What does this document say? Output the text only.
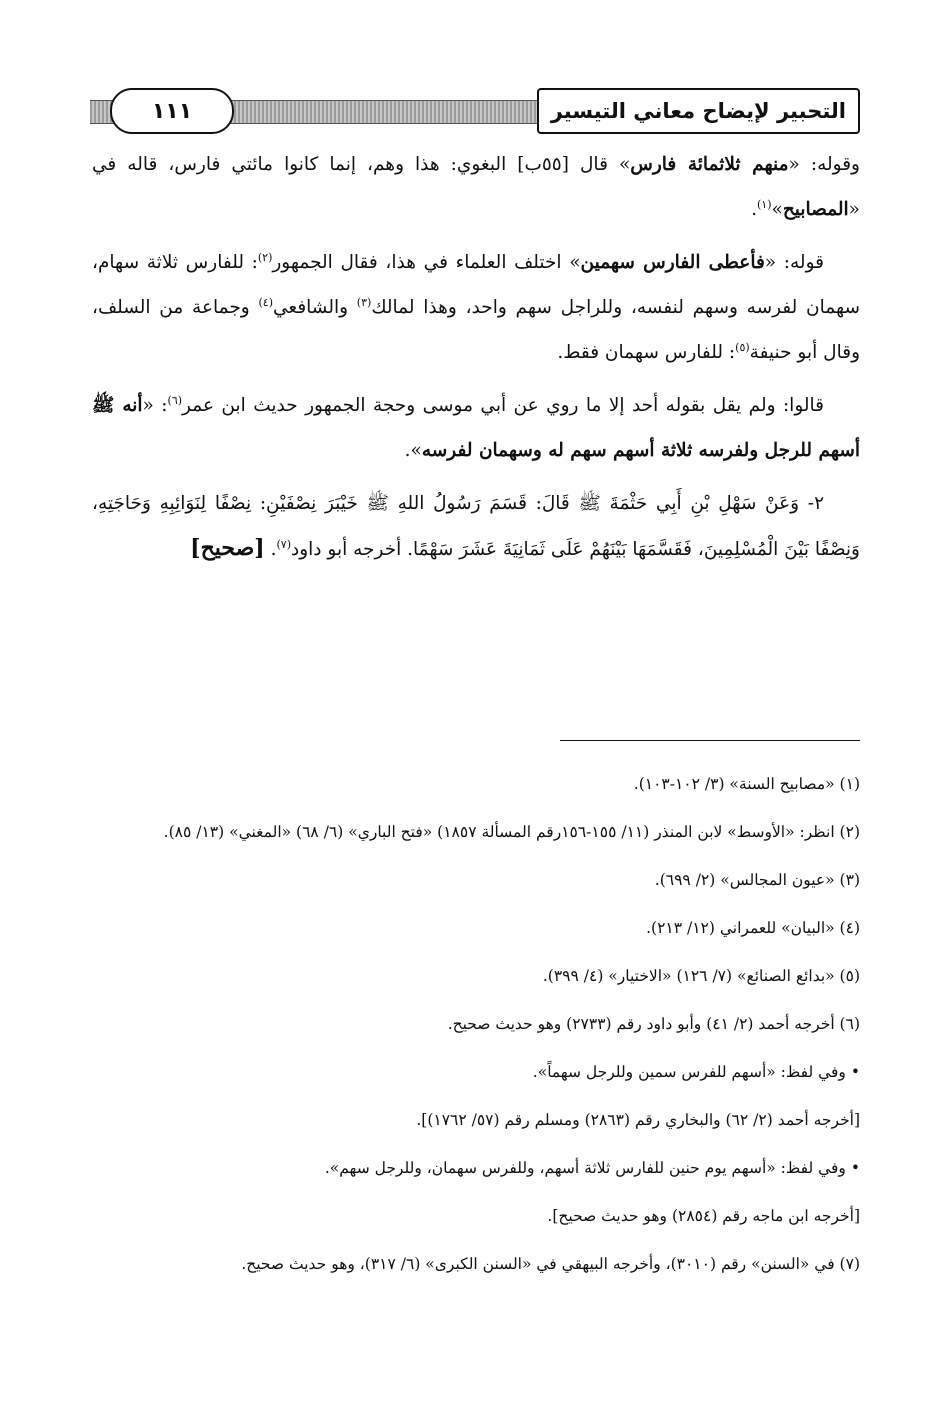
١١١	التحبير لإيضاح معاني التيسير

وقوله: «منهم ثلاثمائة فارس» قال [٥٥ب] البغوي: هذا وهم، إنما كانوا مائتي فارس، قاله في «المصابيح»$^{(١)}$.

قوله: «فأعطى الفارس سهمين» اختلف العلماء في هذا، فقال الجمهور$^{(٢)}$: للفارس ثلاثة سهام، سهمان لفرسه وسهم لنفسه، وللراجل سهم واحد، وهذا لمالك$^{(٣)}$ والشافعي$^{(٤)}$ وجماعة من السلف، وقال أبو حنيفة$^{(٥)}$: للفارس سهمان فقط.

قالوا: ولم يقل بقوله أحد إلا ما روي عن أبي موسى وحجة الجمهور حديث ابن عمر$^{(٦)}$: «أنه ﷺ أسهم للرجل ولفرسه ثلاثة أسهم سهم له وسهمان لفرسه».

٢- وَعَنْ سَهْلِ بْنِ أَبِي حَثْمَةَ ﷺ قَالَ: قَسَمَ رَسُولُ اللهِ ﷺ خَيْبَرَ نِصْفَيْنِ: نِصْفًا لِنَوَائِبِهِ وَحَاجَتِهِ، وَنِصْفًا بَيْنَ الْمُسْلِمِينَ، فَقَسَّمَهَا بَيْنَهُمْ عَلَى ثَمَانِيَةَ عَشَرَ سَهْمًا. أخرجه أبو داود$^{(٧)}$. [صحيح]

(١) «مصابيح السنة» (٣/ ١٠٢-١٠٣).
(٢) انظر: «الأوسط» لابن المنذر (١١/ ١٥٥-١٥٦رقم المسألة ١٨٥٧) «فتح الباري» (٦/ ٦٨) «المغني» (١٣/ ٨٥).
(٣) «عيون المجالس» (٢/ ٦٩٩).
(٤) «البيان» للعمراني (١٢/ ٢١٣).
(٥) «بدائع الصنائع» (٧/ ١٢٦) «الاختيار» (٤/ ٣٩٩).
(٦) أخرجه أحمد (٢/ ٤١) وأبو داود رقم (٢٧٣٣) وهو حديث صحيح.
• وفي لفظ: «أسهم للفرس سمين وللرجل سهماً».
[أخرجه أحمد (٢/ ٦٢) والبخاري رقم (٢٨٦٣) ومسلم رقم (٥٧/ ١٧٦٢)].
• وفي لفظ: «أسهم يوم حنين للفارس ثلاثة أسهم، وللفرس سهمان، وللرجل سهم».
[أخرجه ابن ماجه رقم (٢٨٥٤) وهو حديث صحيح].
(٧) في «السنن» رقم (٣٠١٠)، وأخرجه البيهقي في «السنن الكبرى» (٦/ ٣١٧)، وهو حديث صحيح.
